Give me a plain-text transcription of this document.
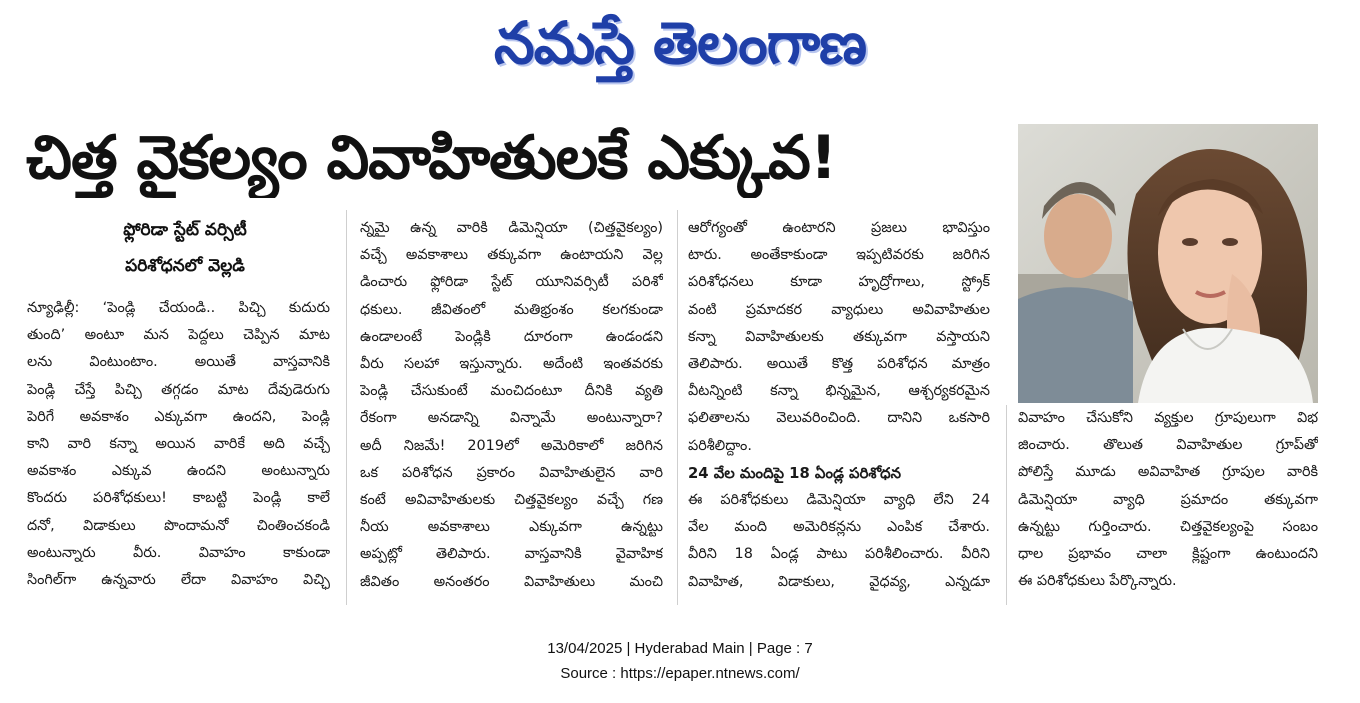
నమస్తే తెలంగాణ
చిత్త వైకల్యం వివాహితులకే ఎక్కువ!
ఫ్లోరిడా స్టేట్ వర్సిటీ
పరిశోధనలో వెల్లడి
న్యూఢిల్లీ: ‘పెండ్లి చేయండి.. పిచ్చి కుదురు
తుంది’ అంటూ మన పెద్దలు చెప్పిన మాట
లను వింటుంటాం. అయితే వాస్తవానికి
పెండ్లి చేస్తే పిచ్చి తగ్గడం మాట దేవుడెరుగు
పెరిగే అవకాశం ఎక్కువగా ఉందని, పెండ్లి
కాని వారి కన్నా అయిన వారికే అది వచ్చే
అవకాశం ఎక్కువ ఉందని అంటున్నారు
కొందరు పరిశోధకులు! కాబట్టి పెండ్లి కాలే
దనో, విడాకులు పొందామనో చింతించకండి
అంటున్నారు వీరు. వివాహం కాకుండా
సింగిల్‌గా ఉన్నవారు లేదా వివాహం విచ్ఛి
న్నమై ఉన్న వారికి డిమెన్షియా (చిత్తవైకల్యం)
వచ్చే అవకాశాలు తక్కువగా ఉంటాయని వెల్ల
డించారు ఫ్లోరిడా స్టేట్ యూనివర్సిటీ పరిశో
ధకులు. జీవితంలో మతిభ్రంశం కలగకుండా
ఉండాలంటే పెండ్లికి దూరంగా ఉండండని
వీరు సలహా ఇస్తున్నారు. అదేంటి ఇంతవరకు
పెండ్లి చేసుకుంటే మంచిదంటూ దీనికి వ్యతి
రేకంగా అనడాన్ని విన్నామే అంటున్నారా?
అదీ నిజమే! 2019లో అమెరికాలో జరిగిన
ఒక పరిశోధన ప్రకారం వివాహితులైన వారి
కంటే అవివాహితులకు చిత్తవైకల్యం వచ్చే గణ
నీయ అవకాశాలు ఎక్కువగా ఉన్నట్టు
అప్పట్లో తెలిపారు. వాస్తవానికి వైవాహిక
జీవితం అనంతరం వివాహితులు మంచి
ఆరోగ్యంతో ఉంటారని ప్రజలు భావిస్తుం
టారు. అంతేకాకుండా ఇప్పటివరకు జరిగిన
పరిశోధనలు కూడా హృద్రోగాలు, స్ట్రోక్
వంటి ప్రమాదకర వ్యాధులు అవివాహితుల
కన్నా వివాహితులకు తక్కువగా వస్తాయని
తెలిపారు. అయితే కొత్త పరిశోధన మాత్రం
వీటన్నింటి కన్నా భిన్నమైన, ఆశ్చర్యకరమైన
ఫలితాలను వెలువరించింది. దానిని ఒకసారి
పరిశీలిద్దాం.
24 వేల మందిపై 18 ఏండ్ల పరిశోధన
ఈ పరిశోధకులు డిమెన్షియా వ్యాధి లేని 24
వేల మంది అమెరికన్లను ఎంపిక చేశారు.
వీరిని 18 ఏండ్ల పాటు పరిశీలించారు. వీరిని
వివాహిత, విడాకులు, వైధవ్య, ఎన్నడూ
వివాహం చేసుకోని వ్యక్తుల గ్రూపులుగా విభ
జించారు. తొలుత వివాహితుల గ్రూప్‌తో
పోలిస్తే మూడు అవివాహిత గ్రూపుల వారికి
డిమెన్షియా వ్యాధి ప్రమాదం తక్కువగా
ఉన్నట్టు గుర్తించారు. చిత్తవైకల్యంపై సంబం
ధాల ప్రభావం చాలా క్లిష్టంగా ఉంటుందని
ఈ పరిశోధకులు పేర్కొన్నారు.
13/04/2025 | Hyderabad Main | Page : 7
Source : https://epaper.ntnews.com/
